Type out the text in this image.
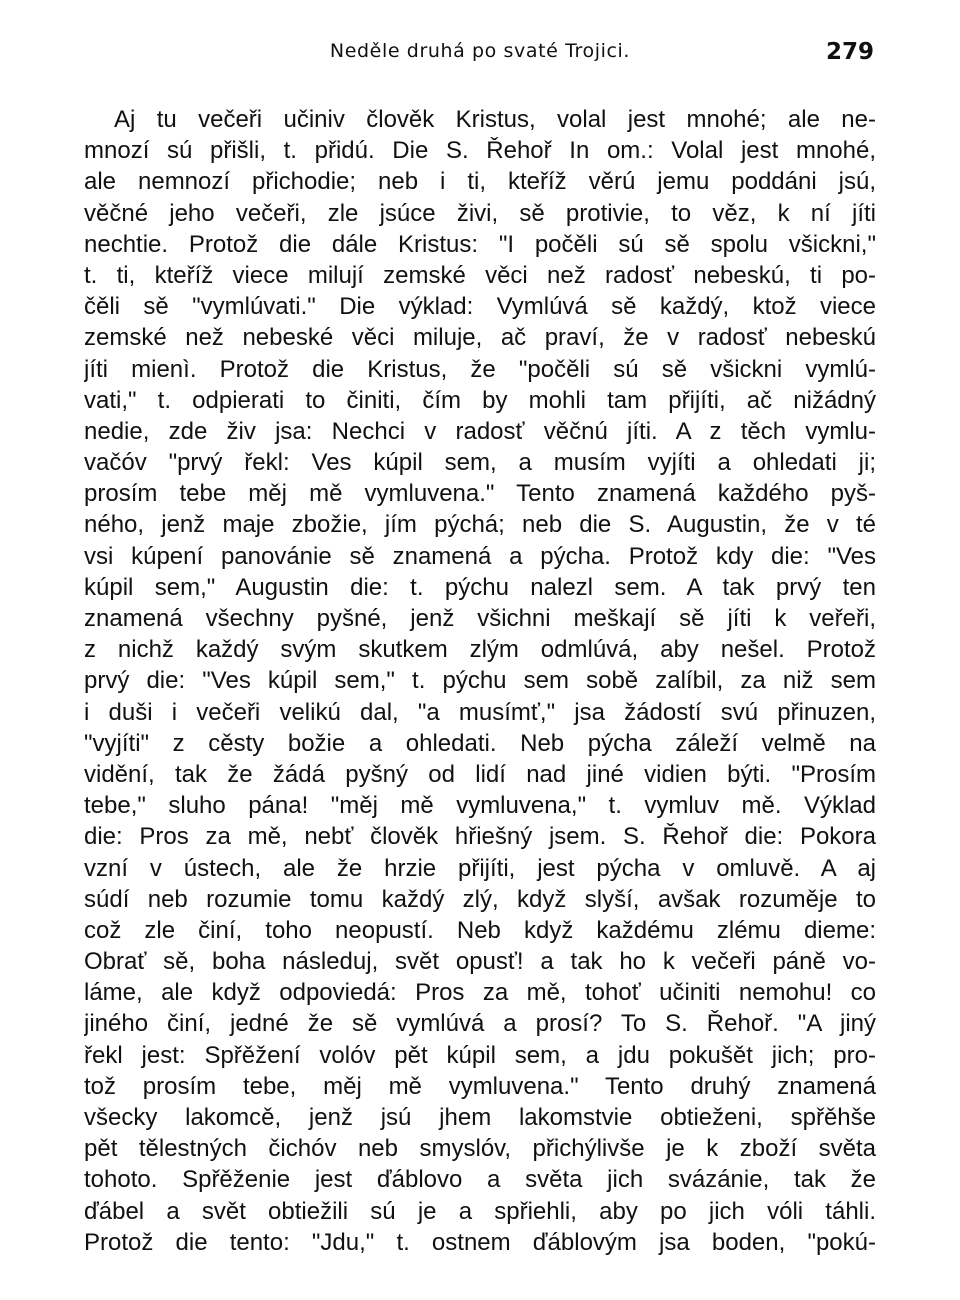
Neděle druhá po svaté Trojici.	279
Aj tu večeři učiniv člověk Kristus, volal jest mnohé; ale ne-
mnozí sú přišli, t. přidú. Die S. Řehoř In om.: Volal jest mnohé,
ale nemnozí přichodie; neb i ti, kteříž věrú jemu poddáni jsú,
věčné jeho večeři, zle jsúce živi, sě protivie, to věz, k ní jíti
nechtie. Protož die dále Kristus: "I počěli sú sě spolu všickni,"
t. ti, kteříž viece milují zemské věci než radosť nebeskú, ti po-
čěli sě "vymlúvati." Die výklad: Vymlúvá sě každý, ktož viece
zemské než nebeské věci miluje, ač praví, že v radosť nebeskú
jíti mienì. Protož die Kristus, že "počěli sú sě všickni vymlú-
vati," t. odpierati to činiti, čím by mohli tam přijíti, ač nižádný
nedie, zde živ jsa: Nechci v radosť věčnú jíti. A z těch vymlu-
vačóv "prvý řekl: Ves kúpil sem, a musím vyjíti a ohledati ji;
prosím tebe měj mě vymluvena." Tento znamená každého pyš-
ného, jenž maje zbožie, jím pýchá; neb die S. Augustin, že v té
vsi kúpení panovánie sě znamená a pýcha. Protož kdy die: "Ves
kúpil sem," Augustin die: t. pýchu nalezl sem. A tak prvý ten
znamená všechny pyšné, jenž všichni meškají sě jíti k veřeři,
z nichž každý svým skutkem zlým odmlúvá, aby nešel. Protož
prvý die: "Ves kúpil sem," t. pýchu sem sobě zalíbil, za niž sem
i duši i večeři velikú dal, "a musímť," jsa žádostí svú přinuzen,
"vyjíti" z cěsty božie a ohledati. Neb pýcha záleží velmě na
vidění, tak že žádá pyšný od lidí nad jiné vidien býti. "Prosím
tebe," sluho pána! "měj mě vymluvena," t. vymluv mě. Výklad
die: Pros za mě, nebť člověk hřiešný jsem. S. Řehoř die: Pokora
vzní v ústech, ale že hrzie přijíti, jest pýcha v omluvě. A aj
súdí neb rozumie tomu každý zlý, když slyší, avšak rozuměje to
což zle činí, toho neopustí. Neb když každému zlému dieme:
Obrať sě, boha následuj, svět opusť! a tak ho k večeři páně vo-
láme, ale když odpoviedá: Pros za mě, tohoť učiniti nemohu! co
jiného činí, jedné že sě vymlúvá a prosí? To S. Řehoř. "A jiný
řekl jest: Spřěžení volóv pět kúpil sem, a jdu pokušět jich; pro-
tož prosím tebe, měj mě vymluvena." Tento druhý znamená
všecky lakomcě, jenž jsú jhem lakomstvie obtieženi, spřěhše
pět tělestných čichóv neb smyslóv, přichýlivše je k zboží světa
tohoto. Spřěženie jest ďáblovo a světa jich svázánie, tak že
ďábel a svět obtiežili sú je a spřiehli, aby po jich vóli táhli.
Protož die tento: "Jdu," t. ostnem ďáblovým jsa boden, "pokú-
